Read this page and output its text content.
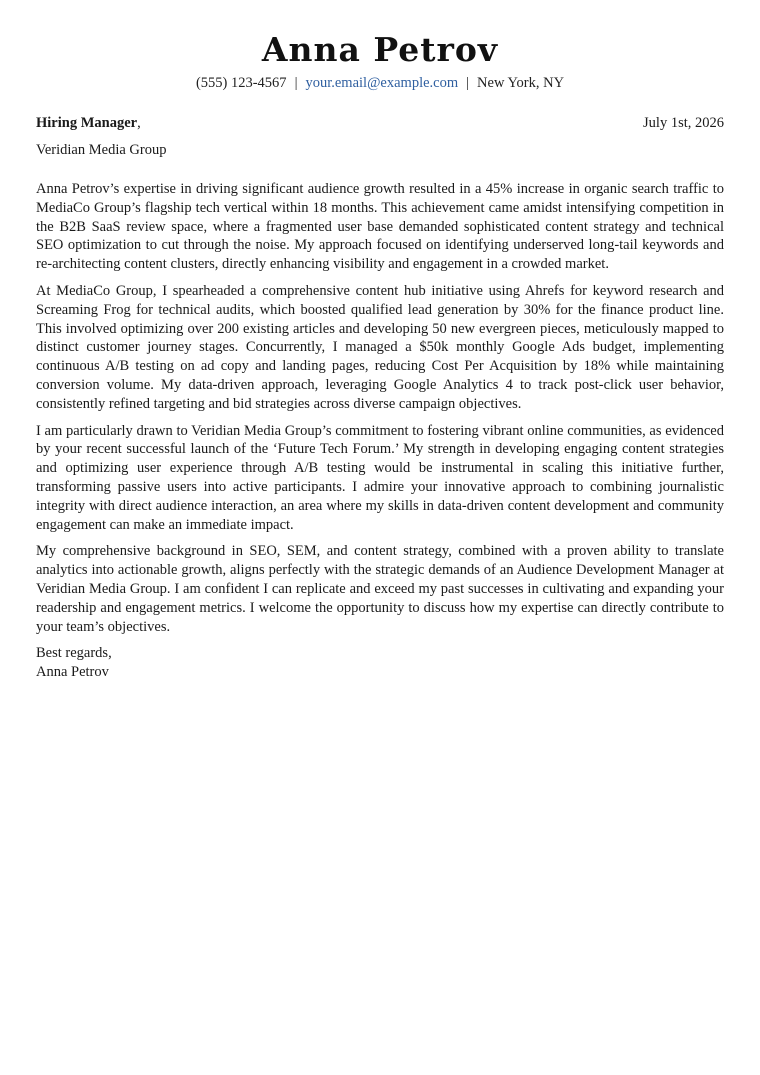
Anna Petrov
(555) 123-4567 | your.email@example.com | New York, NY
Hiring Manager,	July 1st, 2026
Veridian Media Group

Anna Petrov’s expertise in driving significant audience growth resulted in a 45% increase in organic search traffic to MediaCo Group’s flagship tech vertical within 18 months. This achievement came amidst intensifying competition in the B2B SaaS review space, where a fragmented user base demanded sophisticated content strategy and technical SEO optimization to cut through the noise. My approach focused on identifying underserved long-tail keywords and re-architecting content clusters, directly enhancing visibility and engagement in a crowded market.

At MediaCo Group, I spearheaded a comprehensive content hub initiative using Ahrefs for keyword research and Screaming Frog for technical audits, which boosted qualified lead generation by 30% for the finance product line. This involved optimizing over 200 existing articles and developing 50 new evergreen pieces, meticulously mapped to distinct customer journey stages. Concurrently, I managed a $50k monthly Google Ads budget, implementing continuous A/B testing on ad copy and landing pages, reducing Cost Per Acquisition by 18% while maintaining conversion volume. My data-driven approach, leveraging Google Analytics 4 to track post-click user behavior, consistently refined targeting and bid strategies across diverse campaign objectives.

I am particularly drawn to Veridian Media Group’s commitment to fostering vibrant online communities, as evidenced by your recent successful launch of the ‘Future Tech Forum.’ My strength in developing engaging content strategies and optimizing user experience through A/B testing would be instrumental in scaling this initiative further, transforming passive users into active participants. I admire your innovative approach to combining journalistic integrity with direct audience interaction, an area where my skills in data-driven content development and community engagement can make an immediate impact.

My comprehensive background in SEO, SEM, and content strategy, combined with a proven ability to translate analytics into actionable growth, aligns perfectly with the strategic demands of an Audience Development Manager at Veridian Media Group. I am confident I can replicate and exceed my past successes in cultivating and expanding your readership and engagement metrics. I welcome the opportunity to discuss how my expertise can directly contribute to your team’s objectives.

Best regards,
Anna Petrov
